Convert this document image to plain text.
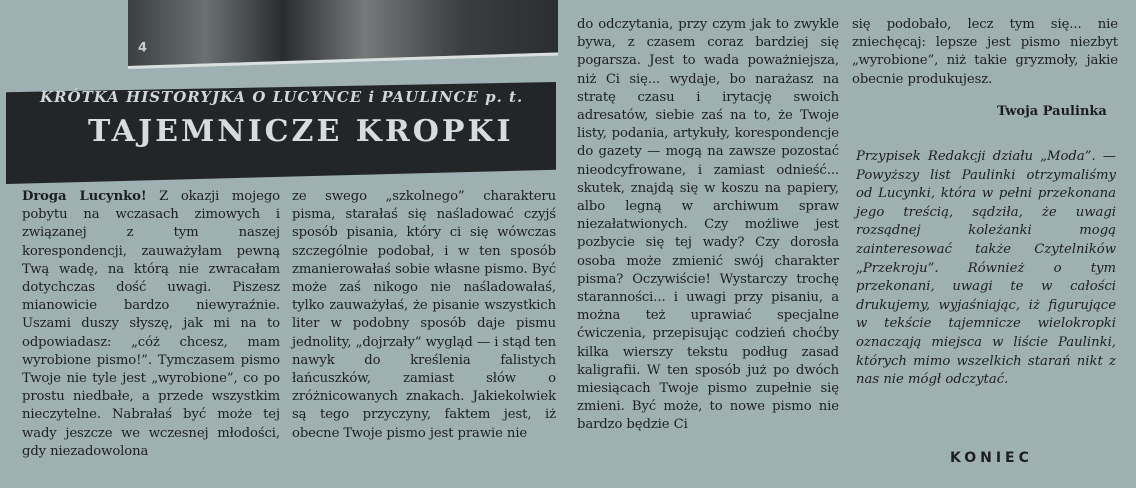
4
KRÓTKA HISTORYJKA O LUCYNCE i PAULINCE p. t.
TAJEMNICZE KROPKI

Droga Lucynko! Z okazji mojego pobytu na wczasach zimowych i związanej z tym naszej korespondencji, zauważyłam pewną Twą wadę, na którą nie zwracałam dotychczas dość uwagi. Piszesz mianowicie bardzo niewyraźnie. Uszami duszy słyszę, jak mi na to odpowiadasz: „cóż chcesz, mam wyrobione pismo!”. Tymczasem pismo Twoje nie tyle jest „wyrobione”, co po prostu niedbałe, a przede wszystkim nieczytelne. Nabrałaś być może tej wady jeszcze we wczesnej młodości, gdy niezadowolona

ze swego „szkolnego” charakteru pisma, starałaś się naśladować czyjś sposób pisania, który ci się wówczas szczególnie podobał, i w ten sposób zmanierowałaś sobie własne pismo. Być może zaś nikogo nie naśladowałaś, tylko zauważyłaś, że pisanie wszystkich liter w podobny sposób daje pismu jednolity, „dojrzały” wygląd — i stąd ten nawyk do kreślenia falistych łańcuszków, zamiast słów o zróżnicowanych znakach. Jakiekolwiek są tego przyczyny, faktem jest, iż obecne Twoje pismo jest prawie nie

do odczytania, przy czym jak to zwykle bywa, z czasem coraz bardziej się pogarsza. Jest to wada poważniejsza, niż Ci się... wydaje, bo narażasz na stratę czasu i irytację swoich adresatów, siebie zaś na to, że Twoje listy, podania, artykuły, korespondencje do gazety — mogą na zawsze pozostać nieodcyfrowane, i zamiast odnieść... skutek, znajdą się w koszu na papiery, albo legną w archiwum spraw niezałatwionych. Czy możliwe jest pozbycie się tej wady? Czy dorosła osoba może zmienić swój charakter pisma? Oczywiście! Wystarczy trochę staranności... i uwagi przy pisaniu, a można też uprawiać specjalne ćwiczenia, przepisując codzień choćby kilka wierszy tekstu podług zasad kaligrafii. W ten sposób już po dwóch miesiącach Twoje pismo zupełnie się zmieni. Być może, to nowe pismo nie bardzo będzie Ci

się podobało, lecz tym się... nie zniechęcaj: lepsze jest pismo niezbyt „wyrobione”, niż takie gryzmoły, jakie obecnie produkujesz.

Twoja Paulinka

Przypisek Redakcji działu „Moda”. — Powyższy list Paulinki otrzymaliśmy od Lucynki, która w pełni przekonana jego treścią, sądziła, że uwagi rozsądnej koleżanki mogą zainteresować także Czytelników „Przekroju”. Również o tym przekonani, uwagi te w całości drukujemy, wyjaśniając, iż figurujące w tekście tajemnicze wielokropki oznaczają miejsca w liście Paulinki, których mimo wszelkich starań nikt z nas nie mógł odczytać.

KONIEC
